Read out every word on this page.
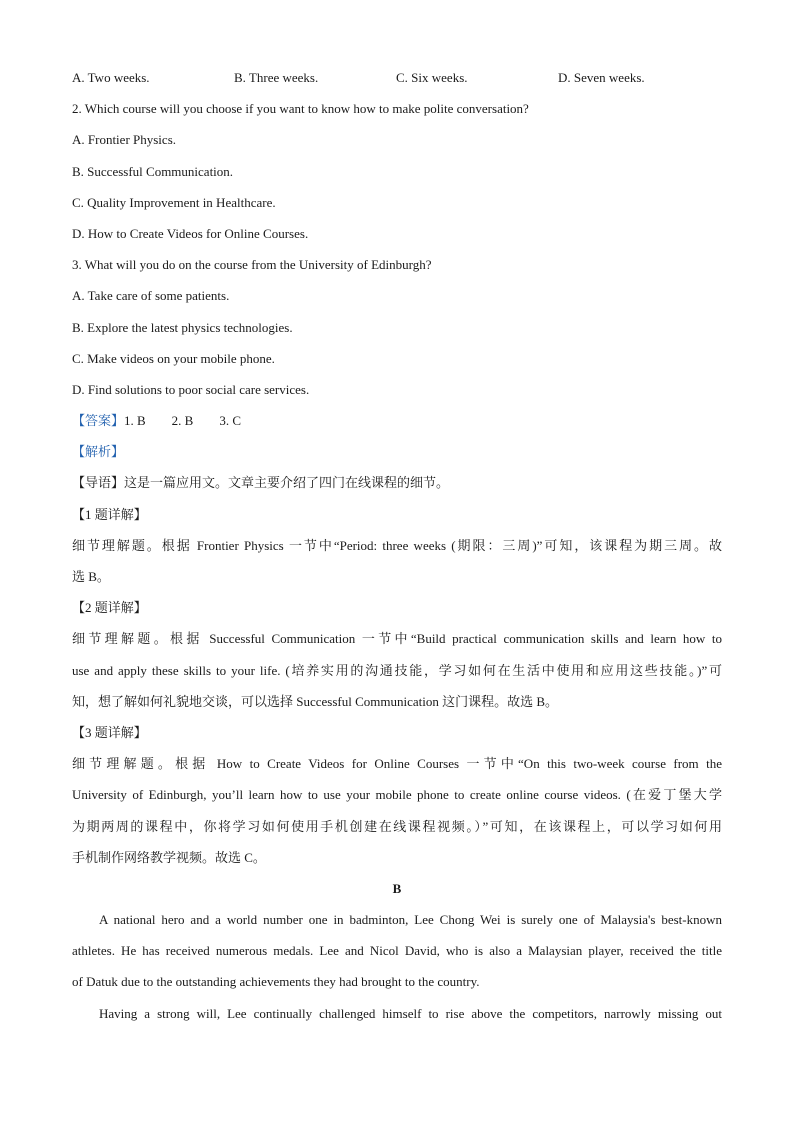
A. Two weeks.	B. Three weeks.	C. Six weeks.	D. Seven weeks.
2. Which course will you choose if you want to know how to make polite conversation?
A. Frontier Physics.
B. Successful Communication.
C. Quality Improvement in Healthcare.
D. How to Create Videos for Online Courses.
3. What will you do on the course from the University of Edinburgh?
A. Take care of some patients.
B. Explore the latest physics technologies.
C. Make videos on your mobile phone.
D. Find solutions to poor social care services.
【答案】1. B        2. B        3. C
【解析】
【导语】这是一篇应用文。文章主要介绍了四门在线课程的细节。
【1 题详解】
细节理解题。根据 Frontier Physics 一节中“Period: three weeks (期限：三周)”可知，该课程为期三周。故
选 B。
【2 题详解】
细节理解题。根据 Successful Communication 一节中“Build practical communication skills and learn how to
use and apply these skills to your life. (培养实用的沟通技能，学习如何在生活中使用和应用这些技能。)”可
知，想了解如何礼貌地交谈，可以选择 Successful Communication 这门课程。故选 B。
【3 题详解】
细节理解题。根据 How to Create Videos for Online Courses 一节中“On this two-week course from the
University of Edinburgh, you’ll learn how to use your mobile phone to create online course videos. (在爱丁堡大学
为期两周的课程中，你将学习如何使用手机创建在线课程视频。）”可知，在该课程上，可以学习如何用
手机制作网络教学视频。故选 C。
B
A national hero and a world number one in badminton, Lee Chong Wei is surely one of Malaysia's best-known
athletes. He has received numerous medals. Lee and Nicol David, who is also a Malaysian player, received the title
of Datuk due to the outstanding achievements they had brought to the country.
Having a strong will, Lee continually challenged himself to rise above the competitors, narrowly missing out
